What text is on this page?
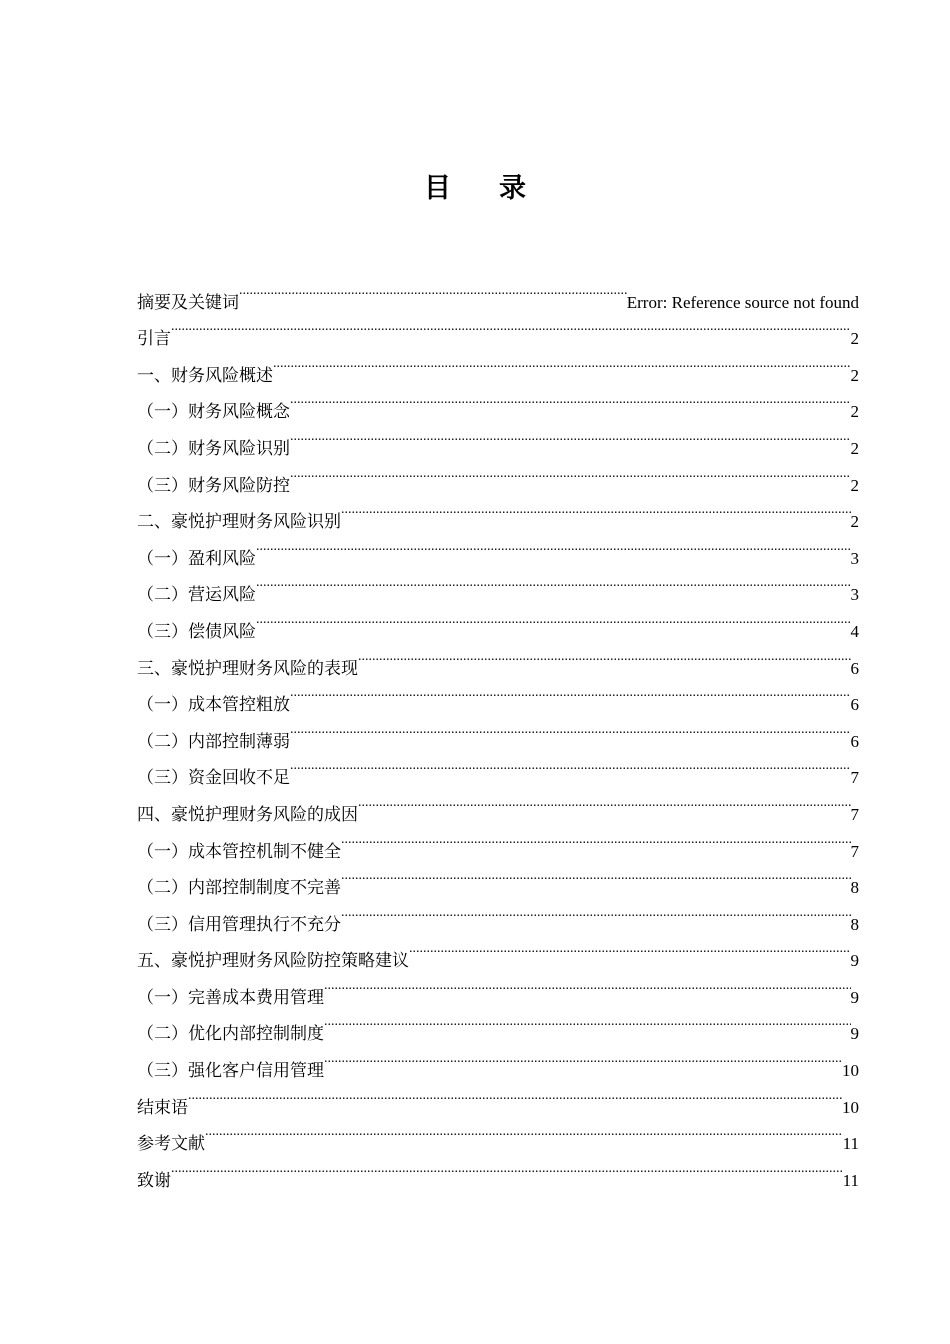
目 录
摘要及关键词 .....	Error: Reference source not found
引言 .....	2
一、财务风险概述 .....	2
（一）财务风险概念 .....	2
（二）财务风险识别 .....	2
（三）财务风险防控 .....	2
二、豪悦护理财务风险识别 .....	2
（一）盈利风险 .....	3
（二）营运风险 .....	3
（三）偿债风险 .....	4
三、豪悦护理财务风险的表现 .....	6
（一）成本管控粗放 .....	6
（二）内部控制薄弱 .....	6
（三）资金回收不足 .....	7
四、豪悦护理财务风险的成因 .....	7
（一）成本管控机制不健全 .....	7
（二）内部控制制度不完善 .....	8
（三）信用管理执行不充分 .....	8
五、豪悦护理财务风险防控策略建议 .....	9
（一）完善成本费用管理 .....	9
（二）优化内部控制制度 .....	9
（三）强化客户信用管理 .....	10
结束语 .....	10
参考文献 .....	11
致谢 .....	11
